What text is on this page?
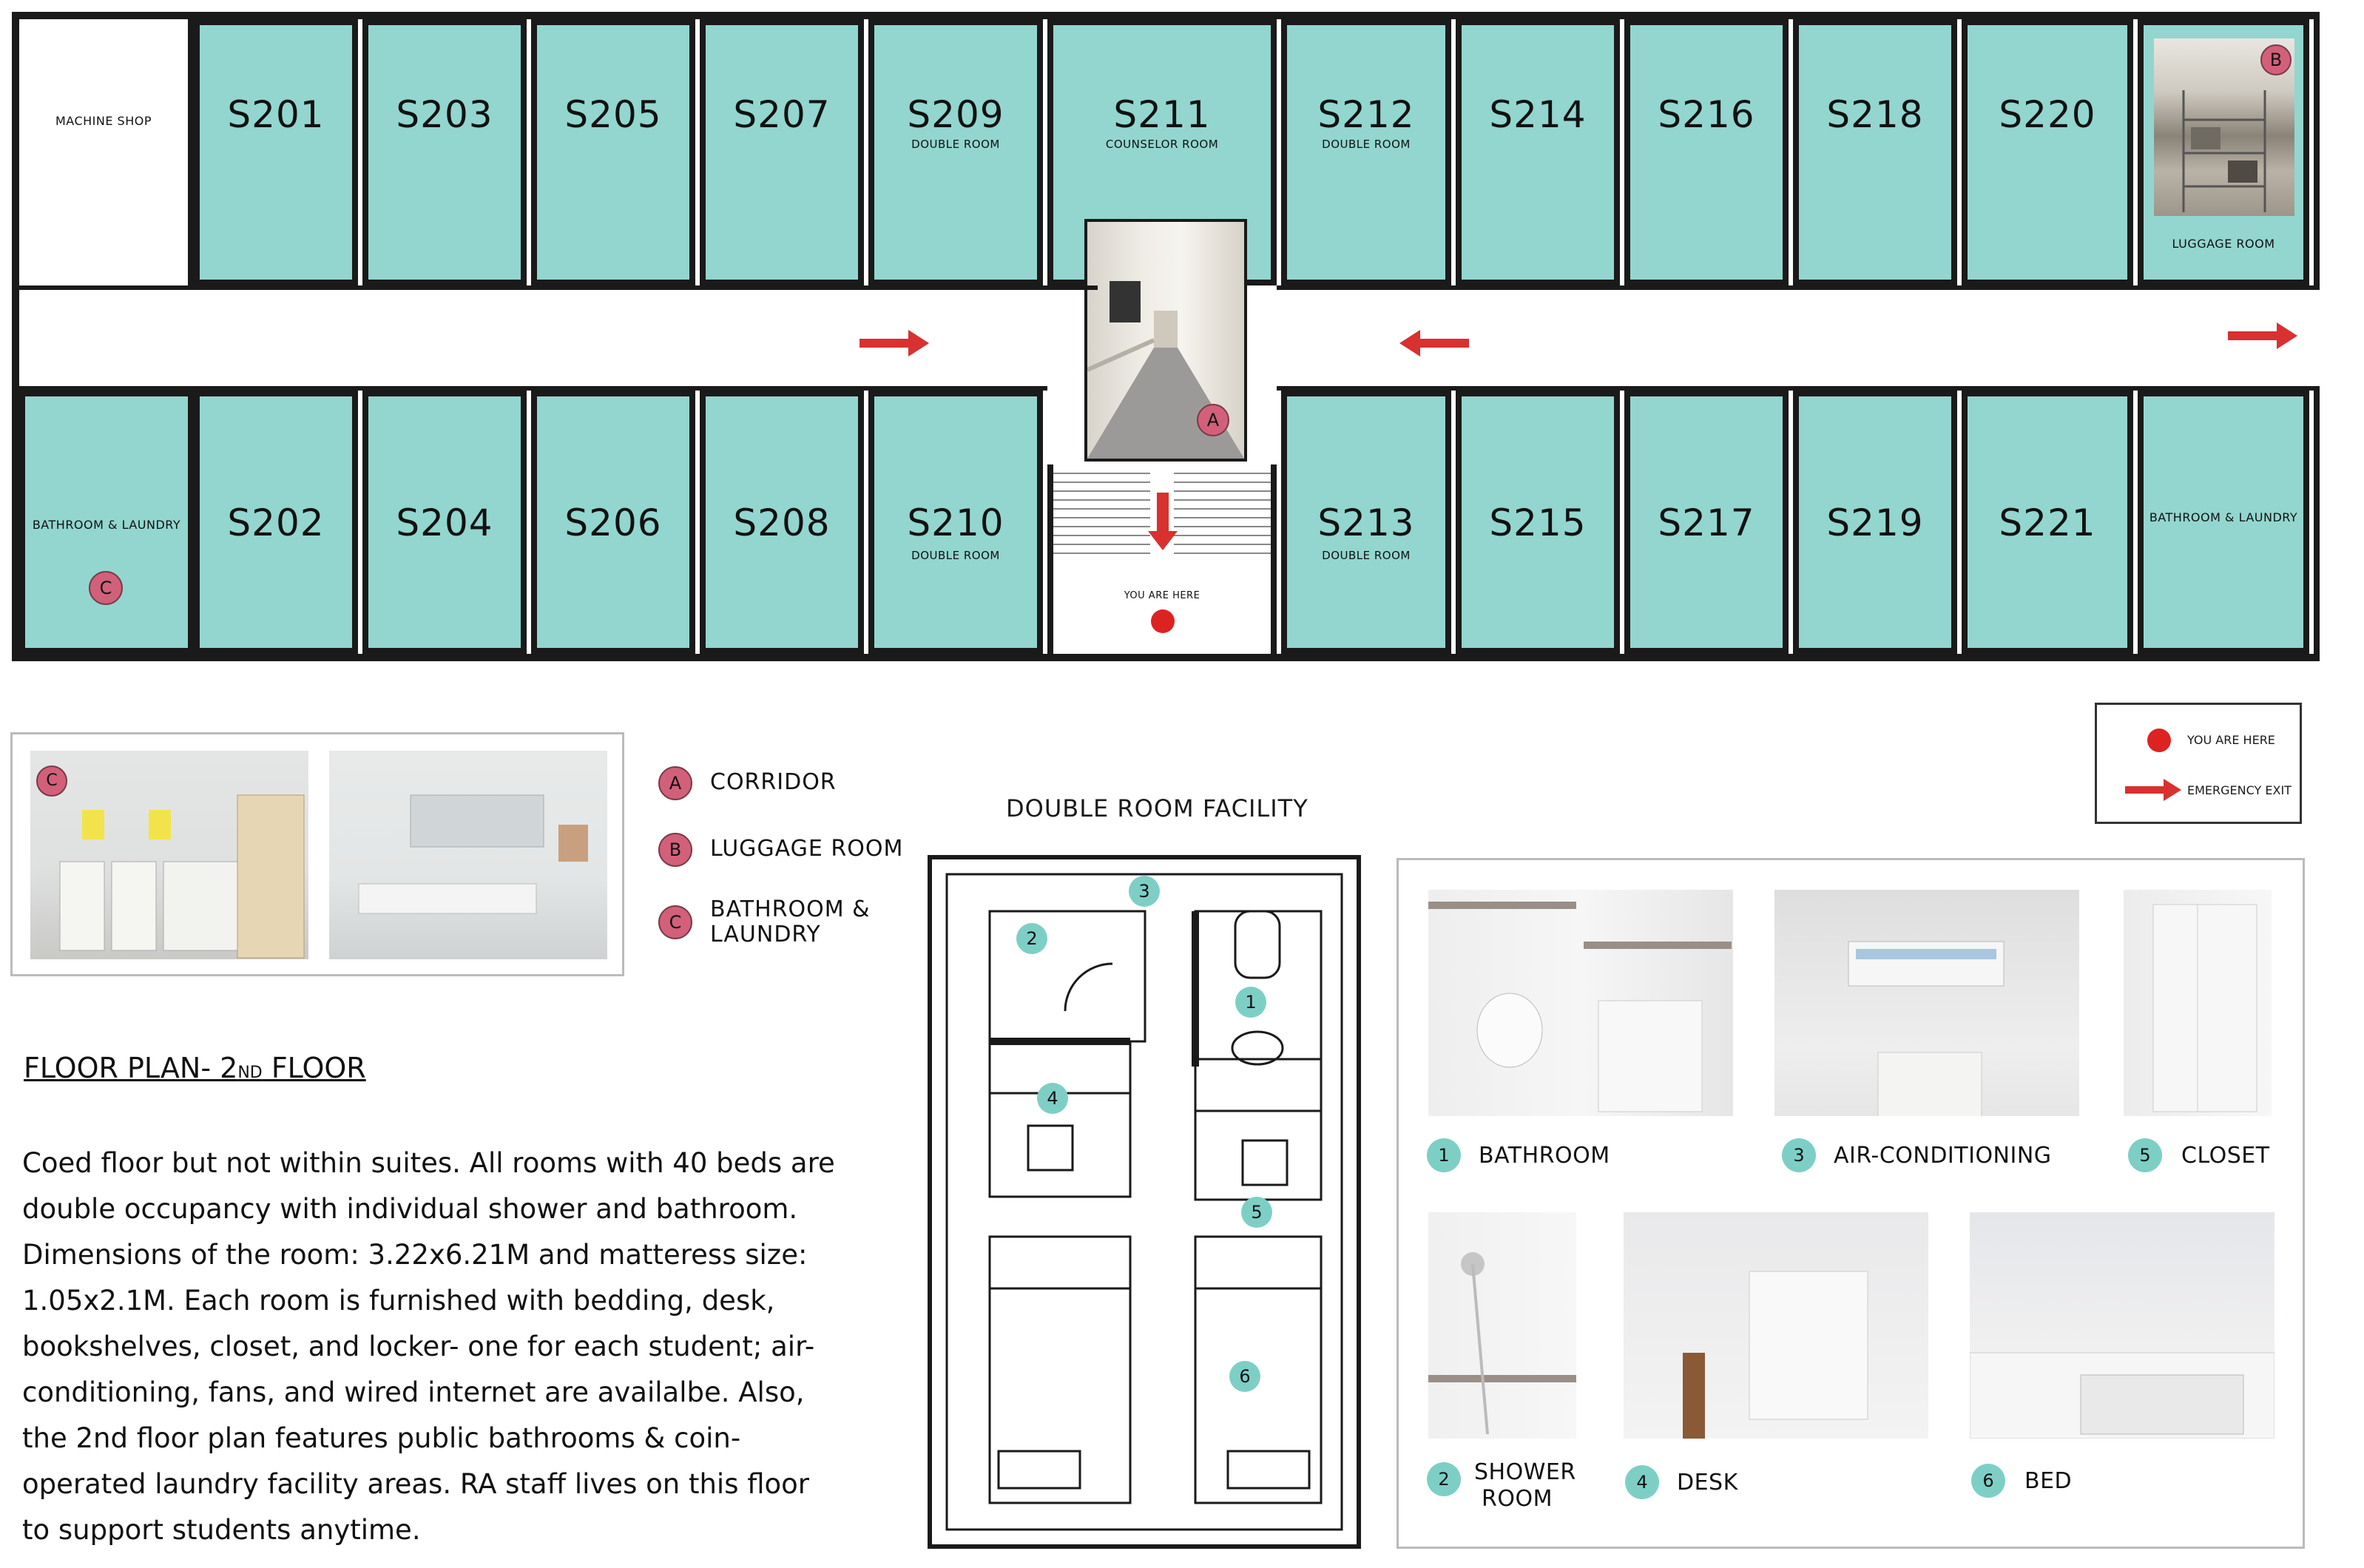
MACHINE SHOP	S201	S203	S205	S207	S209
DOUBLE ROOM
S211
COUNSELOR ROOM
S212
DOUBLE ROOM
S214	S216	S218	S220
B
LUGGAGE ROOM
A
BATHROOM & LAUNDRY
C
S202	S204	S206	S208	S210
DOUBLE ROOM
YOU ARE HERE
S213
DOUBLE ROOM
S215	S217	S219	S221	BATHROOM & LAUNDRY
YOU ARE HERE
EMERGENCY EXIT
C	A	CORRIDOR
B	LUGGAGE ROOM
C	BATHROOM &
LAUNDRY
FLOOR PLAN- 2ND FLOOR
Coed floor but not within suites. All rooms with 40 beds are double occupancy with individual shower and bathroom. Dimensions of the room: 3.22x6.21M and matteress size: 1.05x2.1M. Each room is furnished with bedding, desk, bookshelves, closet, and locker- one for each student; air-conditioning, fans, and wired internet are availalbe. Also, the 2nd floor plan features public bathrooms & coin-operated laundry facility areas. RA staff lives on this floor to support students anytime.
DOUBLE ROOM FACILITY
3
2
1
4
5
6
1	BATHROOM	3	AIR-CONDITIONING	5	CLOSET
2	SHOWER
ROOM
4	DESK	6	BED
